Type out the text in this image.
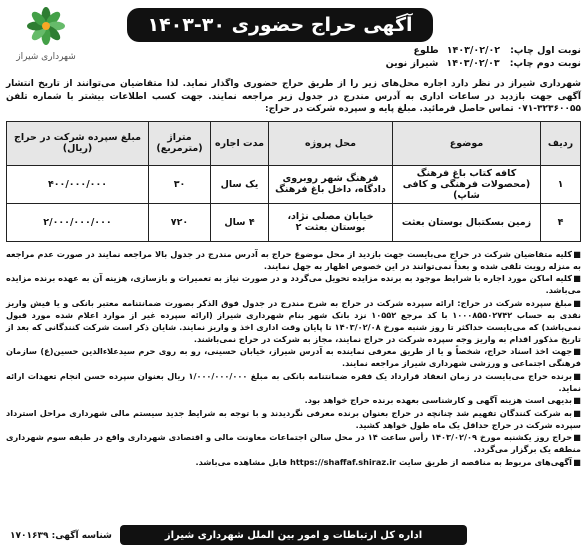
آگهی حراج حضوری ۳۰-۱۴۰۳
شهرداری شیراز
نوبت اول چاپ:۱۴۰۳/۰۲/۰۲طلوع
نوبت دوم چاپ:۱۴۰۳/۰۲/۰۳شیراز نوین

شهرداری شیراز در نظر دارد اجاره محل‌های زیر را از طریق حراج حضوری واگذار نماید. لذا متقاضیان می‌توانند از تاریخ انتشار آگهی جهت بازدید در ساعات اداری به آدرس مندرج در جدول زیر مراجعه نمایند. جهت کسب اطلاعات بیشتر با شماره تلفن ۳۲۳۶۰۰۵۵-۰۷۱ تماس حاصل فرمائید. مبلغ پایه و سپرده شرکت در حراج:

ردیف	موضوع	محل پروژه	مدت اجاره	متراژ (مترمربع)	مبلغ سپرده شرکت در حراج (ریال)
۱	کافه کتاب باغ فرهنگ (محصولات فرهنگی و کافی شاپ)	فرهنگ شهر روبروی دادگاه، داخل باغ فرهنگ	یک سال	۳۰	۴۰۰/۰۰۰/۰۰۰
۴	زمین بسکتبال بوستان بعثت	خیابان مصلی نژاد، بوستان بعثت ۲	۴ سال	۷۲۰	۲/۰۰۰/۰۰۰/۰۰۰

■کلیه متقاضیان شرکت در حراج می‌بایست جهت بازدید از محل موضوع حراج به آدرس مندرج در جدول بالا مراجعه نمایند در صورت عدم مراجعه به منزله رویت تلقی شده و بعداً نمی‌توانند در این خصوص اظهار به جهل نمایند.

■کلیه اماکن مورد اجاره با شرایط موجود به برنده مزایده تحویل می‌گردد و در صورت نیاز به تعمیرات و بازسازی، هزینه آن به عهده برنده مزایده می‌باشد.

■مبلغ سپرده شرکت در حراج: ارائه سپرده شرکت در حراج به شرح مندرج در جدول فوق الذکر بصورت ضمانتنامه معتبر بانکی و یا فیش واریز نقدی به حساب ۱۰۰۰۸۵۵۰۲۷۴۲ با کد مرجع ۱۰۵۵۲ نزد بانک شهر بنام شهرداری شیراز (ارائه سپرده غیر از موارد اعلام شده مورد قبول نمی‌باشد) که می‌بایست حداکثر تا روز شنبه مورخ ۱۴۰۳/۰۲/۰۸ تا پایان وقت اداری اخذ و واریز نمایند. شایان ذکر است شرکت کنندگانی که بعد از تاریخ مذکور اقدام به واریز وجه سپرده شرکت در حراج نمایند، مجاز به شرکت در حراج نمی‌باشند.

■جهت اخذ اسناد حراج، شخصاً و یا از طریق معرفی نماینده به آدرس شیراز، خیابان حسینی، رو به روی حرم سیدعلاءالدین حسین(ع) سازمان فرهنگی اجتماعی و ورزشی شهرداری شیراز مراجعه نمایند.

■برنده حراج می‌بایست در زمان انعقاد قرارداد یک فقره ضمانتنامه بانکی به مبلغ ۱/۰۰۰/۰۰۰/۰۰۰ ریال بعنوان سپرده حسن انجام تعهدات ارائه نماید.

■بدیهی است هزینه آگهی و کارشناسی بعهده برنده حراج خواهد بود.

■به شرکت کنندگان تفهیم شد چنانچه در حراج بعنوان برنده معرفی نگردیدند و با توجه به شرایط جدید سیستم مالی شهرداری مراحل استرداد سپرده شرکت در حراج حداقل یک ماه طول خواهد کشید.

■حراج روز یکشنبه مورخ ۱۴۰۳/۰۲/۰۹ رأس ساعت ۱۴ در محل سالن اجتماعات معاونت مالی و اقتصادی شهرداری واقع در طبقه سوم شهرداری منطقه یک برگزار می‌گردد.

■آگهی‌های مربوط به مناقصه از طریق سایت https://shaffaf.shiraz.ir قابل مشاهده می‌باشد.

شناسه آگهی: ۱۷۰۱۶۳۹	اداره کل ارتباطات و امور بین الملل شهرداری شیراز
